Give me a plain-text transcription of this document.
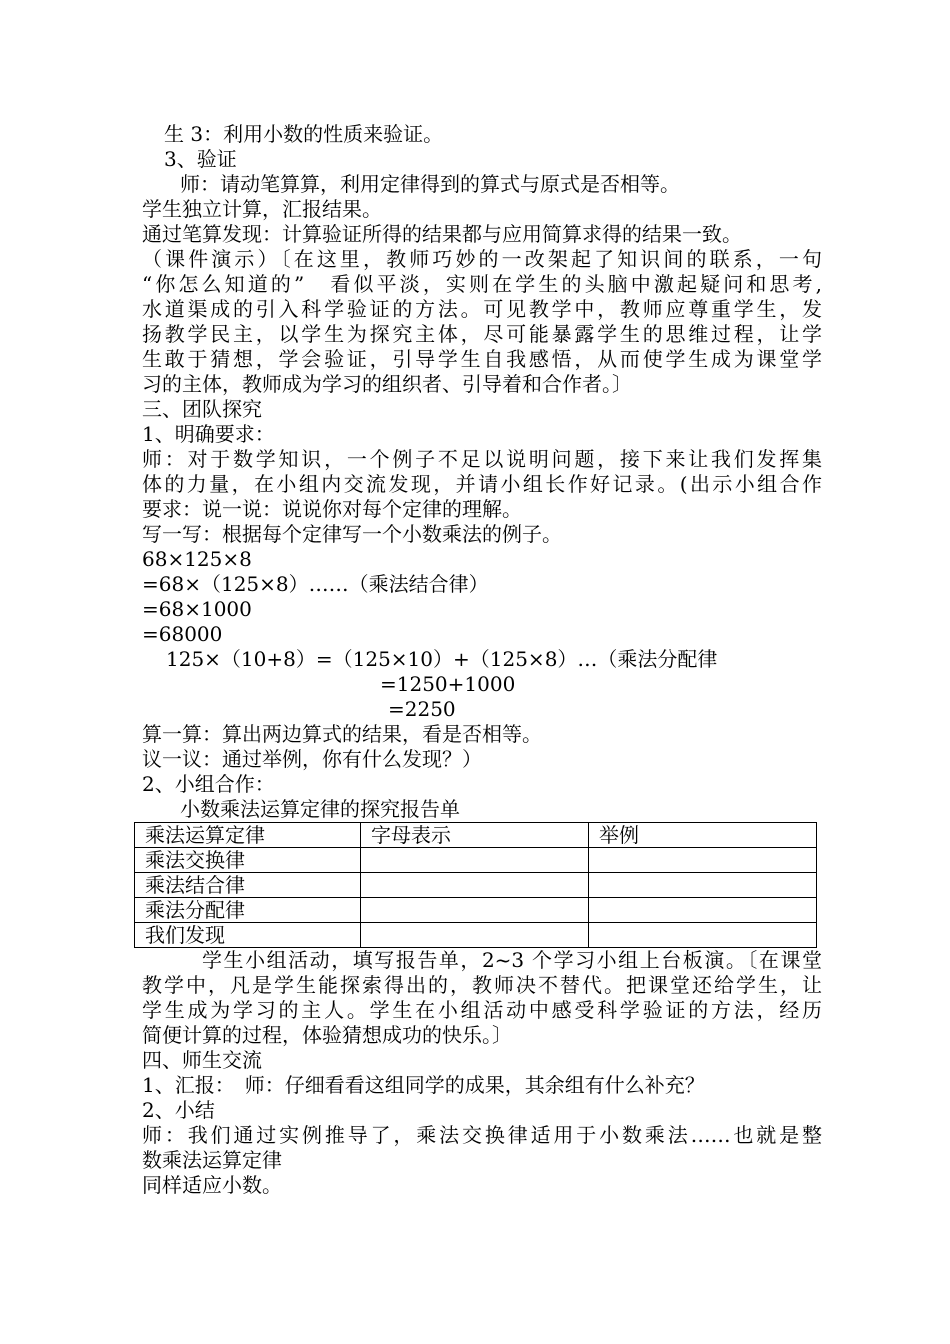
生 3：利用小数的性质来验证。
3、验证
师：请动笔算算，利用定律得到的算式与原式是否相等。
学生独立计算，汇报结果。
通过笔算发现：计算验证所得的结果都与应用简算求得的结果一致。
（课件演示）〔在这里，教师巧妙的一改架起了知识间的联系，一句
“你怎么知道的”　看似平淡，实则在学生的头脑中激起疑问和思考,
水道渠成的引入科学验证的方法。可见教学中，教师应尊重学生，发
扬教学民主，以学生为探究主体，尽可能暴露学生的思维过程，让学
生敢于猜想，学会验证，引导学生自我感悟，从而使学生成为课堂学
习的主体，教师成为学习的组织者、引导着和合作者。〕
三、团队探究
1、明确要求：
师：对于数学知识，一个例子不足以说明问题，接下来让我们发挥集
体的力量，在小组内交流发现，并请小组长作好记录。(出示小组合作
要求：说一说：说说你对每个定律的理解。
写一写：根据每个定律写一个小数乘法的例子。
68×125×8
=68×（125×8）……（乘法结合律）
=68×1000
=68000
125×（10+8）=（125×10）+（125×8）…（乘法分配律
=1250+1000
=2250
算一算：算出两边算式的结果，看是否相等。
议一议：通过举例，你有什么发现？）
2、小组合作：
小数乘法运算定律的探究报告单
乘法运算定律	字母表示	举例
乘法交换律		
乘法结合律		
乘法分配律		
我们发现		
学生小组活动，填写报告单，2~3 个学习小组上台板演。〔在课堂
教学中，凡是学生能探索得出的，教师决不替代。把课堂还给学生，让
学生成为学习的主人。学生在小组活动中感受科学验证的方法，经历
简便计算的过程，体验猜想成功的快乐。〕
四、师生交流
1、汇报：　师：仔细看看这组同学的成果，其余组有什么补充？
2、小结
师：我们通过实例推导了，乘法交换律适用于小数乘法……也就是整
数乘法运算定律
同样适应小数。
